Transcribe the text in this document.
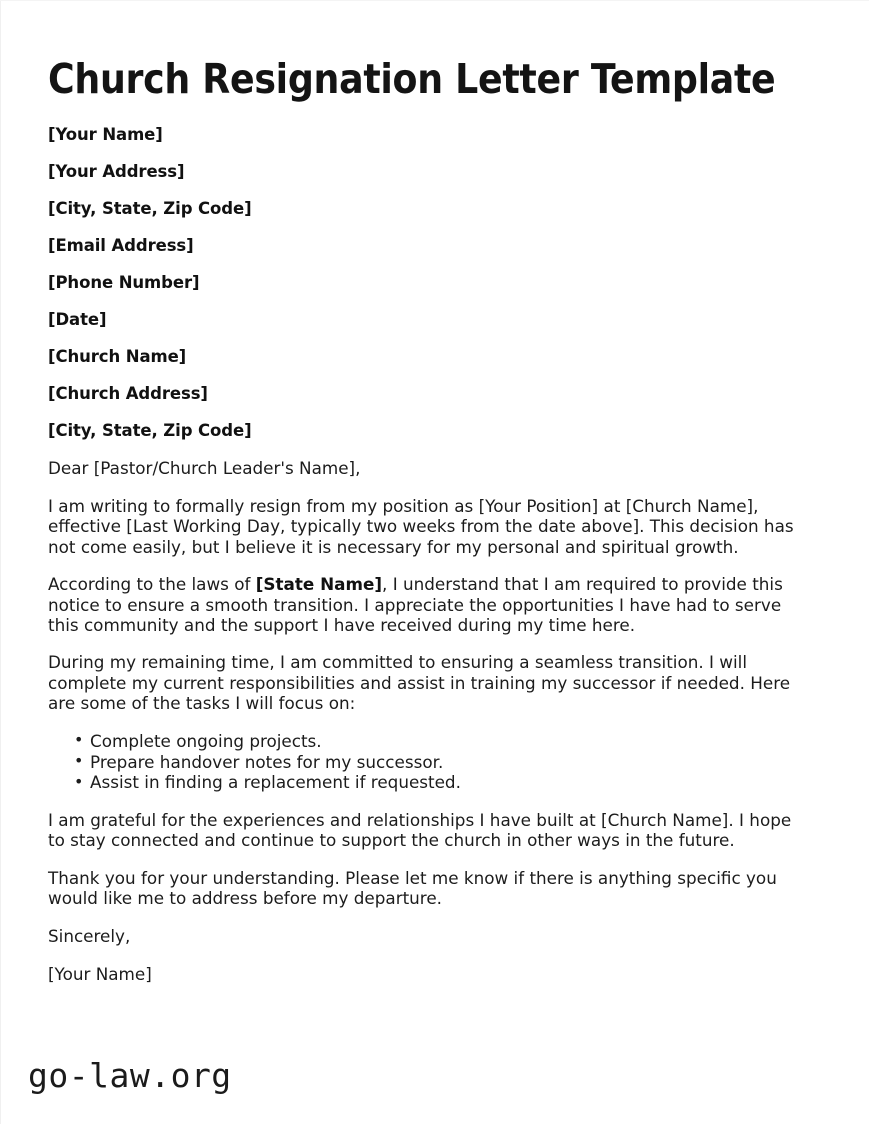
Church Resignation Letter Template

[Your Name]

[Your Address]

[City, State, Zip Code]

[Email Address]

[Phone Number]

[Date]

[Church Name]

[Church Address]

[City, State, Zip Code]

Dear [Pastor/Church Leader's Name],

I am writing to formally resign from my position as [Your Position] at [Church Name], effective [Last Working Day, typically two weeks from the date above]. This decision has not come easily, but I believe it is necessary for my personal and spiritual growth.

According to the laws of [State Name], I understand that I am required to provide this notice to ensure a smooth transition. I appreciate the opportunities I have had to serve this community and the support I have received during my time here.

During my remaining time, I am committed to ensuring a seamless transition. I will complete my current responsibilities and assist in training my successor if needed. Here are some of the tasks I will focus on:

• Complete ongoing projects.
• Prepare handover notes for my successor.
• Assist in finding a replacement if requested.

I am grateful for the experiences and relationships I have built at [Church Name]. I hope to stay connected and continue to support the church in other ways in the future.

Thank you for your understanding. Please let me know if there is anything specific you would like me to address before my departure.

Sincerely,

[Your Name]

go-law.org
